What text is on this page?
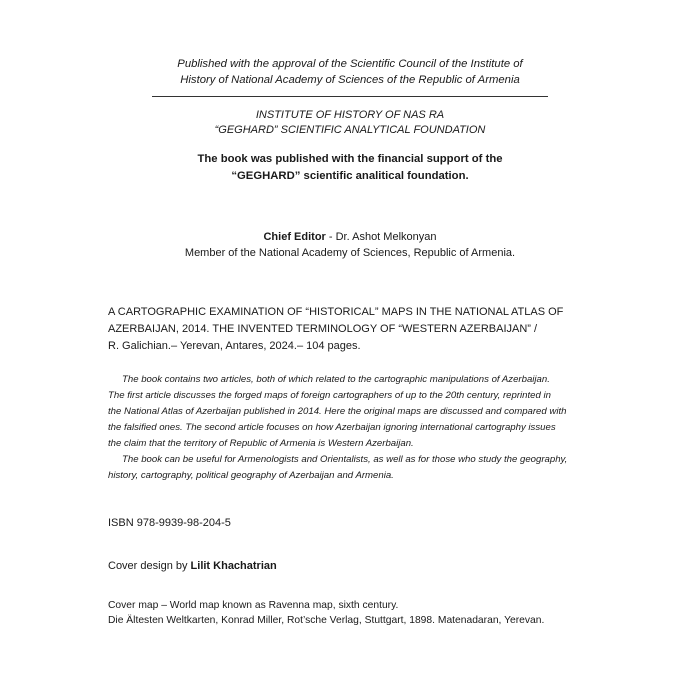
Published with the approval of the Scientific Council of the Institute of
History of National Academy of Sciences of the Republic of Armenia
INSTITUTE OF HISTORY OF NAS RA
“GEGHARD” SCIENTIFIC ANALYTICAL FOUNDATION
The book was published with the financial support of the
“GEGHARD” scientific analitical foundation.
Chief Editor - Dr. Ashot Melkonyan
Member of the National Academy of Sciences, Republic of Armenia.
A CARTOGRAPHIC EXAMINATION OF “HISTORICAL” MAPS IN THE NATIONAL ATLAS OF
AZERBAIJAN, 2014. THE INVENTED TERMINOLOGY OF “WESTERN AZERBAIJAN” /
R. Galichian.– Yerevan, Antares, 2024.– 104 pages.

The book contains two articles, both of which related to the cartographic manipulations of Azerbaijan.
The first article discusses the forged maps of foreign cartographers of up to the 20th century, reprinted in
the National Atlas of Azerbaijan published in 2014. Here the original maps are discussed and compared with
the falsified ones. The second article focuses on how Azerbaijan ignoring international cartography issues
the claim that the territory of Republic of Armenia is Western Azerbaijan.

The book can be useful for Armenologists and Orientalists, as well as for those who study the geography,
history, cartography, political geography of Azerbaijan and Armenia.

ISBN 978-9939-98-204-5
Cover design by Lilit Khachatrian
Cover map – World map known as Ravenna map, sixth century.
Die Ältesten Weltkarten, Konrad Miller, Rot’sche Verlag, Stuttgart, 1898. Matenadaran, Yerevan.
